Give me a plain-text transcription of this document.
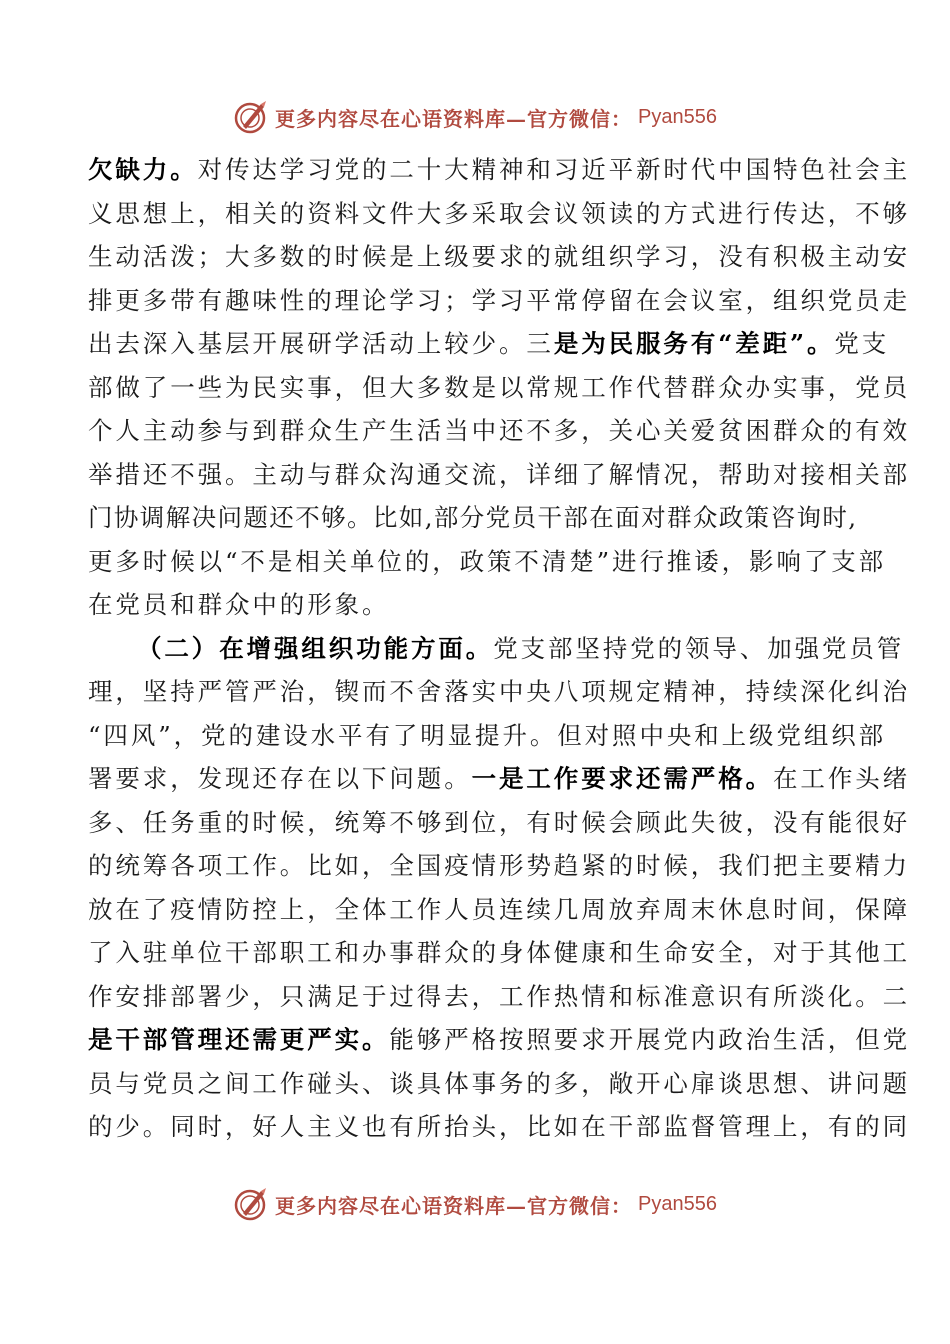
更多内容尽在心语资料库—官方微信： Pyan556
欠缺力。对传达学习党的二十大精神和习近平新时代中国特色社会主
义思想上，相关的资料文件大多采取会议领读的方式进行传达，不够
生动活泼；大多数的时候是上级要求的就组织学习，没有积极主动安
排更多带有趣味性的理论学习；学习平常停留在会议室，组织党员走
出去深入基层开展研学活动上较少。三是为民服务有“差距”。党支
部做了一些为民实事，但大多数是以常规工作代替群众办实事，党员
个人主动参与到群众生产生活当中还不多，关心关爱贫困群众的有效
举措还不强。主动与群众沟通交流，详细了解情况，帮助对接相关部
门协调解决问题还不够。比如,部分党员干部在面对群众政策咨询时,
更多时候以“不是相关单位的，政策不清楚”进行推诿，影响了支部
在党员和群众中的形象。
（二）在增强组织功能方面。党支部坚持党的领导、加强党员管
理，坚持严管严治，锲而不舍落实中央八项规定精神，持续深化纠治
“四风”，党的建设水平有了明显提升。但对照中央和上级党组织部
署要求，发现还存在以下问题。一是工作要求还需严格。在工作头绪
多、任务重的时候，统筹不够到位，有时候会顾此失彼，没有能很好
的统筹各项工作。比如，全国疫情形势趋紧的时候，我们把主要精力
放在了疫情防控上，全体工作人员连续几周放弃周末休息时间，保障
了入驻单位干部职工和办事群众的身体健康和生命安全，对于其他工
作安排部署少，只满足于过得去，工作热情和标准意识有所淡化。二
是干部管理还需更严实。能够严格按照要求开展党内政治生活，但党
员与党员之间工作碰头、谈具体事务的多，敞开心扉谈思想、讲问题
的少。同时，好人主义也有所抬头，比如在干部监督管理上，有的同
更多内容尽在心语资料库—官方微信： Pyan556
